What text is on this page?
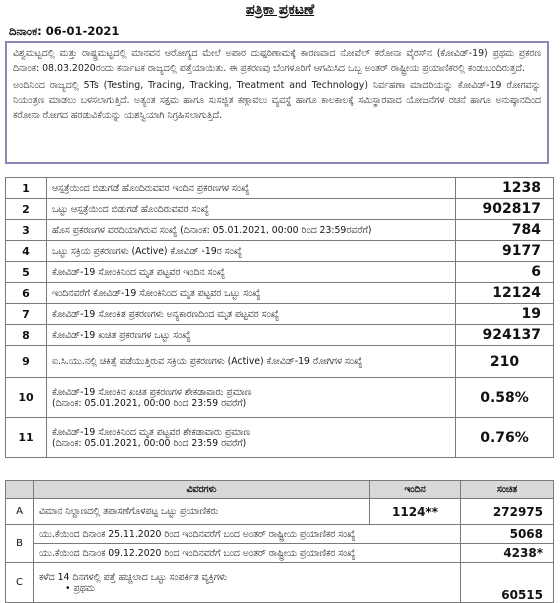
ಪತ್ರಿಕಾ ಪ್ರಕಟಣೆ
ದಿನಾಂಕ: 06-01-2021

ವಿಶ್ವಮಟ್ಟದಲ್ಲಿ ಮತ್ತು ರಾಷ್ಟ್ರಮಟ್ಟದಲ್ಲಿ ಮಾನವನ ಆರೋಗ್ಯದ ಮೇಲೆ ಅಪಾರ ದುಷ್ಪರಿಣಾಮಕ್ಕೆ ಕಾರಣವಾದ ನೋವೆಲ್ ಕರೋನಾ ವೈರಸ್‌ನ (ಕೋವಿಡ್-19) ಪ್ರಥಮ ಪ್ರಕರಣ ದಿನಾಂಕ: 08.03.2020ರಂದು ಕರ್ನಾಟಕ ರಾಜ್ಯದಲ್ಲಿ ಪತ್ತೆಯಾಯಿತು. ಈ ಪ್ರಕರಣವು ಬೆಂಗಳೂರಿಗೆ ಆಗಮಿಸಿದ ಒಬ್ಬ ಅಂತರ್ ರಾಷ್ಟ್ರೀಯ ಪ್ರಯಾಣಿಕರಲ್ಲಿ ಕಂಡುಬಂದಿರುತ್ತದೆ.

ಅಂದಿನಿಂದ ರಾಜ್ಯದಲ್ಲಿ 5Ts (Testing, Tracing, Tracking, Treatment and Technology) ನಿರ್ವಹಣಾ ಮಾದರಿಯನ್ನು ಕೋವಿಡ್-19 ರೋಗವನ್ನು ನಿಯಂತ್ರಣ ಮಾಡಲು ಬಳಸಲಾಗುತ್ತಿದೆ. ಅತ್ಯಂತ ಸಕ್ಷಮ ಹಾಗೂ ಸುಸಜ್ಜಿತ ಕಣ್ಗಾವಲು ವ್ಯವಸ್ಥೆ ಹಾಗೂ ಕಾಲಕಾಲಕ್ಕೆ ಸಮಿಸ್ಥಾರವಾದ ಯೋಜನೆಗಳ ರಚನೆ ಹಾಗೂ ಅನುಷ್ಠಾನದಿಂದ ಕರೋನಾ ರೋಗದ ಹರಡುವಿಕೆಯನ್ನು ಯಶಸ್ವಿಯಾಗಿ ನಿಗ್ರಹಿಸಲಾಗುತ್ತಿದೆ.

1	ಆಸ್ಪತ್ರೆಯಿಂದ ಬಿಡುಗಡೆ ಹೊಂದಿರುವವರ ಇಂದಿನ ಪ್ರಕರಣಗಳ ಸಂಖ್ಯೆ	1238
2	ಒಟ್ಟು ಆಸ್ಪತ್ರೆಯಿಂದ ಬಿಡುಗಡೆ ಹೊಂದಿರುವವರ ಸಂಖ್ಯೆ	902817
3	ಹೊಸ ಪ್ರಕರಣಗಳ ವರದಿಯಾಗಿರುವ ಸಂಖ್ಯೆ (ದಿನಾಂಕ: 05.01.2021, 00:00 ರಿಂದ 23:59ರವರೆಗೆ)	784
4	ಒಟ್ಟು ಸಕ್ರಿಯ ಪ್ರಕರಣಗಳು (Active) ಕೋವಿಡ್ -19ರ ಸಂಖ್ಯೆ	9177
5	ಕೋವಿಡ್-19 ಸೋಂಕಿನಿಂದ ಮೃತ ಪಟ್ಟವರ ಇಂದಿನ ಸಂಖ್ಯೆ	6
6	ಇಂದಿನವರೆಗೆ ಕೋವಿಡ್-19 ಸೋಂಕಿನಿಂದ ಮೃತ ಪಟ್ಟವರ ಒಟ್ಟು ಸಂಖ್ಯೆ	12124
7	ಕೋವಿಡ್-19 ಸೋಂಕಿತ ಪ್ರಕರಣಗಳು ಅನ್ಯಕಾರಣದಿಂದ ಮೃತ ಪಟ್ಟವರ ಸಂಖ್ಯೆ	19
8	ಕೋವಿಡ್-19 ಖಚಿತ ಪ್ರಕರಣಗಳ ಒಟ್ಟು ಸಂಖ್ಯೆ	924137
9	ಐ.ಸಿ.ಯು.ನಲ್ಲಿ ಚಿಕಿತ್ಸೆ ಪಡೆಯುತ್ತಿರುವ ಸಕ್ರಿಯ ಪ್ರಕರಣಗಳು (Active) ಕೋವಿಡ್-19 ರೋಗಿಗಳ ಸಂಖ್ಯೆ	210
10	ಕೋವಿಡ್-19 ಸೋಂಕಿನ ಖಚಿತ ಪ್ರಕರಣಗಳ ಶೇಕಡಾವಾರು ಪ್ರಮಾಣ
(ದಿನಾಂಕ: 05.01.2021, 00:00 ರಿಂದ 23:59 ರವರೆಗೆ)	0.58%
11	ಕೋವಿಡ್-19 ಸೋಂಕಿನಿಂದ ಮೃತ ಪಟ್ಟವರ ಶೇಕಡಾವಾರು ಪ್ರಮಾಣ
(ದಿನಾಂಕ: 05.01.2021, 00:00 ರಿಂದ 23:59 ರವರೆಗೆ)	0.76%
	ವಿವರಗಳು	ಇಂದಿನ	ಸಂಚಿತ
A	ವಿಮಾನ ನಿಲ್ದಾಣದಲ್ಲಿ ತಪಾಸಣೆಗೊಳಪಟ್ಟ ಒಟ್ಟು ಪ್ರಯಾಣಿಕರು	1124**	272975
B	ಯು.ಕೆಯಿಂದ ದಿನಾಂಕ 25.11.2020 ರಿಂದ ಇಂದಿನವರೆಗೆ ಬಂದ ಅಂತರ್ ರಾಷ್ಟ್ರೀಯ ಪ್ರಯಾಣಿಕರ ಸಂಖ್ಯೆ		5068
	ಯು.ಕೆಯಿಂದ ದಿನಾಂಕ 09.12.2020 ರಿಂದ ಇಂದಿನವರೆಗೆ ಬಂದ ಅಂತರ್ ರಾಷ್ಟ್ರೀಯ ಪ್ರಯಾಣಿಕರ ಸಂಖ್ಯೆ		4238*
C	ಕಳೆದ 14 ದಿನಗಳಲ್ಲಿ ಪತ್ತೆ ಹಚ್ಚಲಾದ ಒಟ್ಟು ಸಂಪರ್ಕಿತ ವ್ಯಕ್ತಿಗಳು
• ಪ್ರಥಮ		60515
